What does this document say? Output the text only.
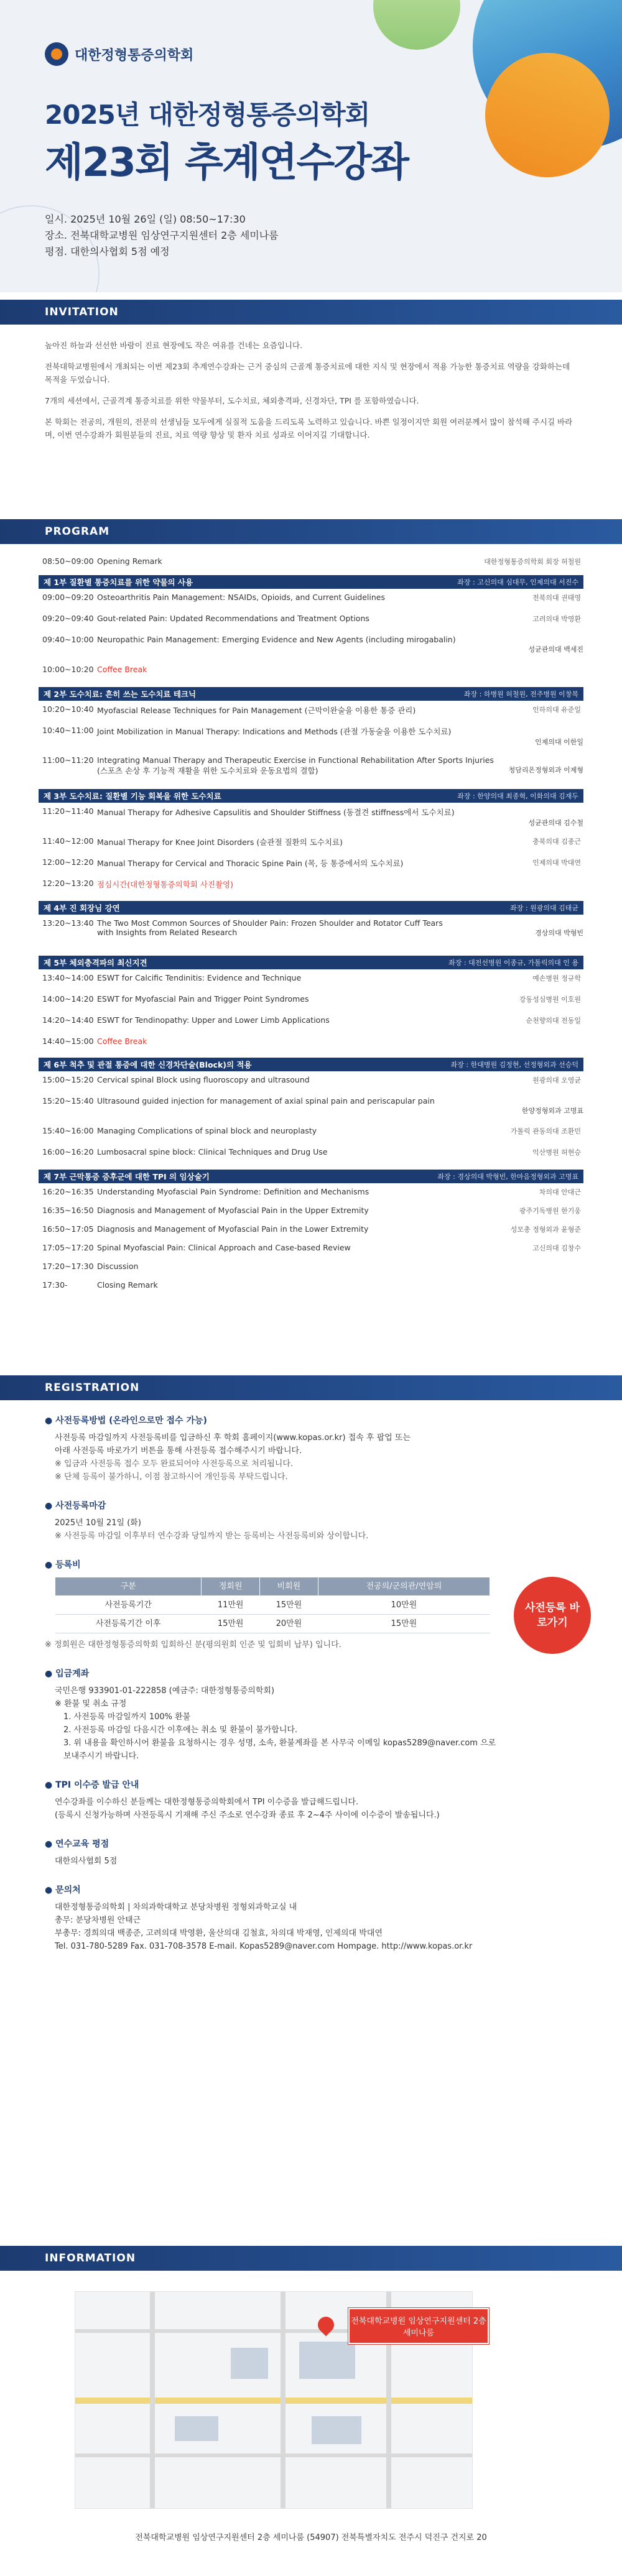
대한정형통증의학회
2025년 대한정형통증의학회
제23회 추계연수강좌
일시. 2025년 10월 26일 (일) 08:50~17:30
장소. 전북대학교병원 임상연구지원센터 2층 세미나룸
평점. 대한의사협회 5점 예정
INVITATION

높아진 하늘과 선선한 바람이 진료 현장에도 작은 여유를 건네는 요즘입니다.

전북대학교병원에서 개최되는 이번 제23회 추계연수강좌는 근거 중심의 근골계 통증치료에 대한 지식 및 현장에서 적용 가능한 통증치료 역량을 강화하는데 목적을 두었습니다.

7개의 세션에서, 근골격계 통증치료를 위한 약물부터, 도수치료, 체외충격파, 신경차단, TPI 를 포함하였습니다.

본 학회는 전공의, 개원의, 전문의 선생님들 모두에게 실질적 도움을 드리도록 노력하고 있습니다. 바쁜 일정이지만 회원 여러분께서 많이 참석해 주시길 바라며, 이번 연수강좌가 회원분들의 진료, 치료 역량 향상 및 환자 치료 성과로 이어지길 기대합니다.

PROGRAM
08:50~09:00 Opening Remark	대한정형통증의학회 회장 허철원
제 1부 질환별 통증치료를 위한 약물의 사용	좌장 : 고신의대 심대무, 인제의대 서진수
09:00~09:20 Osteoarthritis Pain Management: NSAIDs, Opioids, and Current Guidelines	전북의대 권태영
09:20~09:40 Gout-related Pain: Updated Recommendations and Treatment Options	고려의대 박영환
09:40~10:00 Neuropathic Pain Management: Emerging Evidence and New Agents (including mirogabalin)
성균관의대 백세진
10:00~10:20 Coffee Break
제 2부 도수치료: 흔히 쓰는 도수치료 테크닉	좌장 : 하병원 허철원, 전주병원 이창복
10:20~10:40 Myofascial Release Techniques for Pain Management (근막이완술을 이용한 통증 관리)	인하의대 유준일
10:40~11:00 Joint Mobilization in Manual Therapy: Indications and Methods (관절 가동술을 이용한 도수치료)
인제의대 이한일
11:00~11:20 Integrating Manual Therapy and Therapeutic Exercise in Functional Rehabilitation After Sports Injuries
(스포츠 손상 후 기능적 재활을 위한 도수치료와 운동요법의 결합)	청담리온정형외과 이제형
제 3부 도수치료: 질환별 기능 회복을 위한 도수치료	좌장 : 한양의대 최종혁, 이화의대 김재두
11:20~11:40 Manual Therapy for Adhesive Capsulitis and Shoulder Stiffness (동결견 stiffness에서 도수치료)
성균관의대 김수철
11:40~12:00 Manual Therapy for Knee Joint Disorders (슬관절 질환의 도수치료)	충북의대 김종근
12:00~12:20 Manual Therapy for Cervical and Thoracic Spine Pain (목, 등 통증에서의 도수치료)	인제의대 박대연
12:20~13:20 점심시간(대한정형통증의학회 사진촬영)
제 4부 진 회장님 강연	좌장 : 원광의대 김태균
13:20~13:40 The Two Most Common Sources of Shoulder Pain: Frozen Shoulder and Rotator Cuff Tears
with Insights from Related Research	경상의대 박형빈
제 5부 체외충격파의 최신지견	좌장 : 대전선병원 이종규, 가톨릭의대 인 용
13:40~14:00 ESWT for Calcific Tendinitis: Evidence and Technique	예손병원 정규학
14:00~14:20 ESWT for Myofascial Pain and Trigger Point Syndromes	강동성심병원 이호원
14:20~14:40 ESWT for Tendinopathy: Upper and Lower Limb Applications	순천향의대 전동일
14:40~15:00 Coffee Break
제 6부 척추 및 관절 통증에 대한 신경차단술(Block)의 적용	좌장 : 한대병원 김정현, 선정형외과 선승덕
15:00~15:20 Cervical spinal Block using fluoroscopy and ultrasound	원광의대 오영균
15:20~15:40 Ultrasound guided injection for management of axial spinal pain and periscapular pain
한양정형외과 고명표
15:40~16:00 Managing Complications of spinal block and neuroplasty	가톨릭 관동의대 조환민
16:00~16:20 Lumbosacral spine block: Clinical Techniques and Drug Use	익산병원 허현승
제 7부 근막통증 증후군에 대한 TPI 의 임상술기	좌장 : 경상의대 박형빈, 한마음정형외과 고명표
16:20~16:35 Understanding Myofascial Pain Syndrome: Definition and Mechanisms	차의대 안대근
16:35~16:50 Diagnosis and Management of Myofascial Pain in the Upper Extremity	광주기독병원 한기웅
16:50~17:05 Diagnosis and Management of Myofascial Pain in the Lower Extremity	성모총 정형외과 윤형준
17:05~17:20 Spinal Myofascial Pain: Clinical Approach and Case-based Review	고신의대 김창수
17:20~17:30 Discussion
17:30-	Closing Remark
REGISTRATION
● 사전등록방법 (온라인으로만 접수 가능)
사전등록 마감일까지 사전등록비를 입금하신 후 학회 홈페이지(www.kopas.or.kr) 접속 후 팝업 또는
아래 사전등록 바로가기 버튼을 통해 사전등록 접수해주시기 바랍니다.
※ 입금과 사전등록 접수 모두 완료되어야 사전등록으로 처리됩니다.
※ 단체 등록이 불가하니, 이점 참고하시어 개인등록 부탁드립니다.
● 사전등록마감
2025년 10월 21일 (화)
※ 사전등록 마감일 이후부터 연수강좌 당일까지 받는 등록비는 사전등록비와 상이합니다.
● 등록비
구분	정회원	비회원	전공의/군의관/연암의
사전등록기간	11만원	15만원	10만원
사전등록기간 이후	15만원	20만원	15만원
※ 정회원은 대한정형통증의학회 입회하신 분(평의원회 인준 및 입회비 납부) 입니다.
● 입금계좌
국민은행 933901-01-222858 (예금주: 대한정형통증의학회)
※ 환불 및 취소 규정
1. 사전등록 마감일까지 100% 환불
2. 사전등록 마감일 다음시간 이후에는 취소 및 환불이 불가합니다.
3. 위 내용을 확인하시어 환불을 요청하시는 경우 성명, 소속, 환불계좌를 본 사무국 이메일 kopas5289@naver.com 으로
보내주시기 바랍니다.
● TPI 이수증 발급 안내
연수강좌를 이수하신 분들께는 대한정형통증의학회에서 TPI 이수증을 발급해드립니다.
(등록시 신청가능하며 사전등록시 기재해 주신 주소로 연수강좌 종료 후 2~4주 사이에 이수증이 발송됩니다.)
● 연수교육 평점
대한의사협회 5점
● 문의처
대한정형통증의학회 | 차의과학대학교 분당차병원 정형외과학교실 내
총무: 분당차병원 안태근
부총무: 경희의대 백종준, 고려의대 박영환, 울산의대 김철효, 차의대 박재영, 인제의대 박대연
Tel. 031-780-5289 Fax. 031-708-3578 E-mail. Kopas5289@naver.com Hompage. http://www.kopas.or.kr
사전등록 바로가기
INFORMATION
전북대학교병원 임상연구지원센터 2층 세미나룸
전북대학교병원 임상연구지원센터 2층 세미나룸 (54907) 전북특별자치도 전주시 덕진구 건지로 20
